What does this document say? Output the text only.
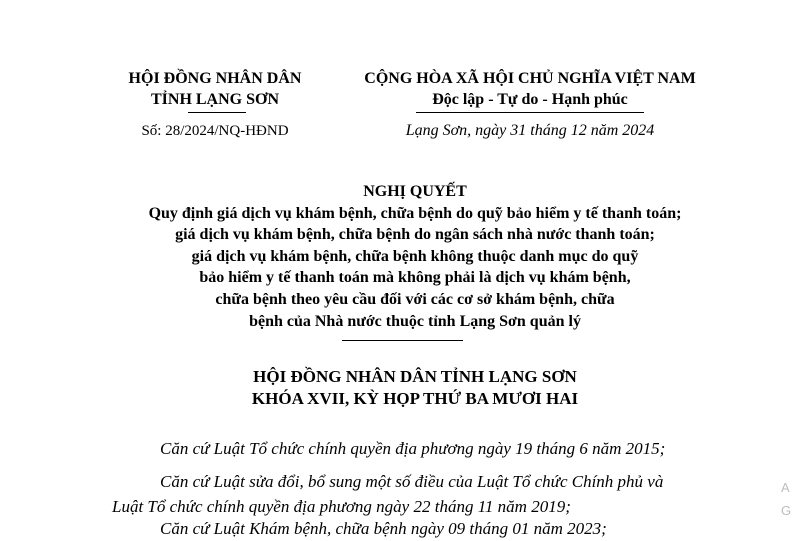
HỘI ĐỒNG NHÂN DÂN
TỈNH LẠNG SƠN
Số: 28/2024/NQ-HĐND
CỘNG HÒA XÃ HỘI CHỦ NGHĨA VIỆT NAM
Độc lập - Tự do - Hạnh phúc
Lạng Sơn, ngày 31 tháng 12 năm 2024
NGHỊ QUYẾT
Quy định giá dịch vụ khám bệnh, chữa bệnh do quỹ bảo hiểm y tế thanh toán;
giá dịch vụ khám bệnh, chữa bệnh do ngân sách nhà nước thanh toán;
giá dịch vụ khám bệnh, chữa bệnh không thuộc danh mục do quỹ
bảo hiểm y tế thanh toán mà không phải là dịch vụ khám bệnh,
chữa bệnh theo yêu cầu đối với các cơ sở khám bệnh, chữa
bệnh của Nhà nước thuộc tỉnh Lạng Sơn quản lý
HỘI ĐỒNG NHÂN DÂN TỈNH LẠNG SƠN
KHÓA XVII, KỲ HỌP THỨ BA MƯƠI HAI
Căn cứ Luật Tổ chức chính quyền địa phương ngày 19 tháng 6 năm 2015;
Căn cứ Luật sửa đổi, bổ sung một số điều của Luật Tổ chức Chính phủ và
Luật Tổ chức chính quyền địa phương ngày 22 tháng 11 năm 2019;
Căn cứ Luật Khám bệnh, chữa bệnh ngày 09 tháng 01 năm 2023;
A
G
